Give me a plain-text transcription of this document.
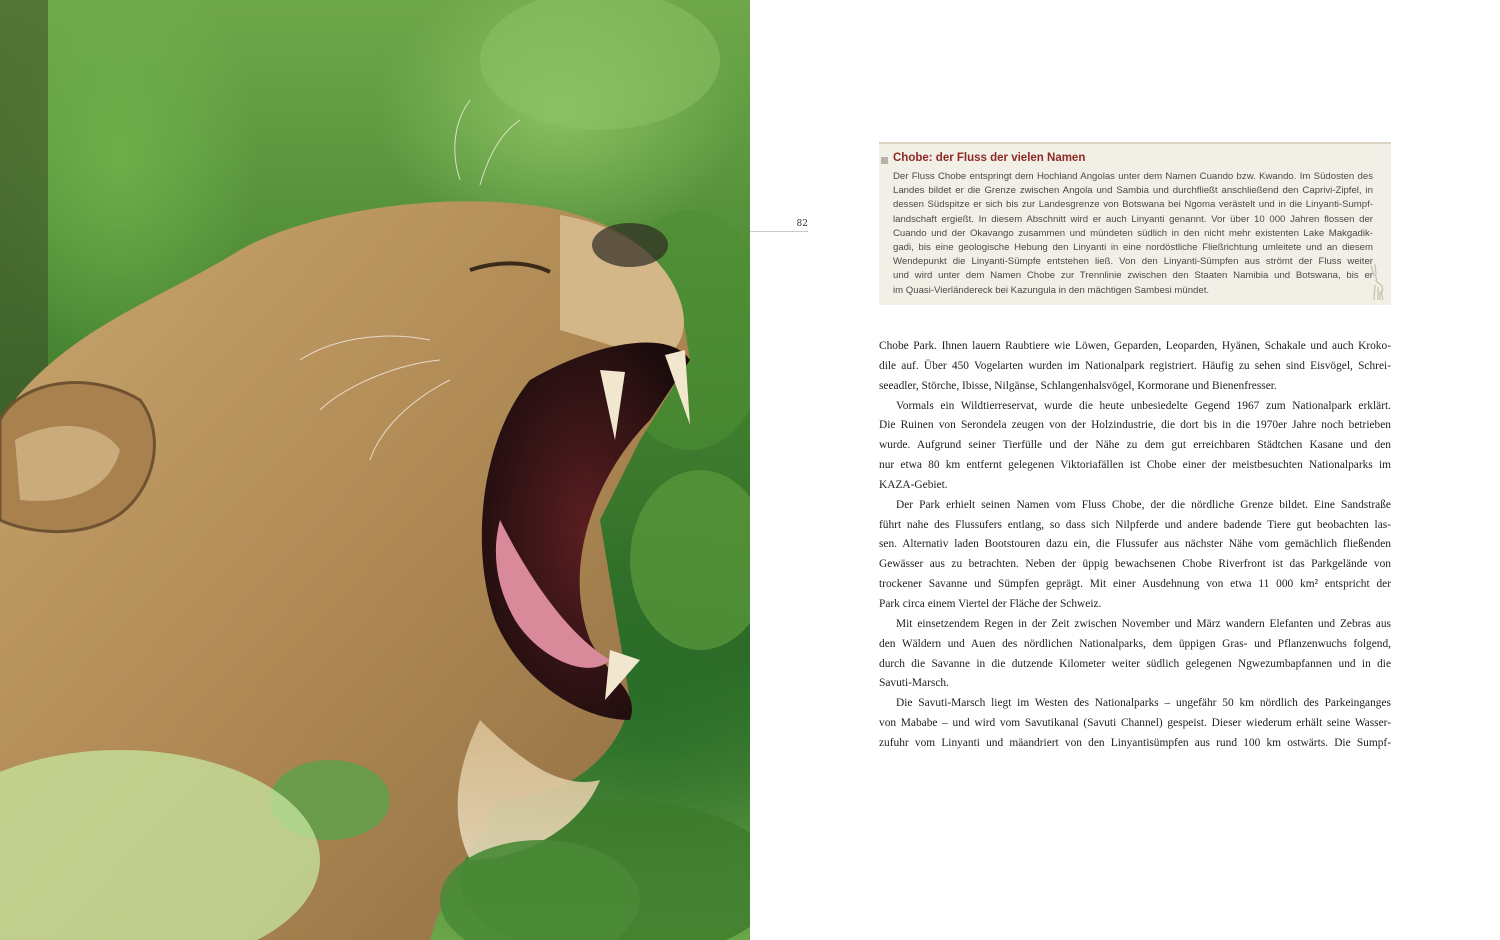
82
Chobe: der Fluss der vielen Namen
Der Fluss Chobe entspringt dem Hochland Angolas unter dem Namen Cuando bzw. Kwando. Im Südosten des
Landes bildet er die Grenze zwischen Angola und Sambia und durchfließt anschließend den Caprivi-Zipfel, in
dessen Südspitze er sich bis zur Landesgrenze von Botswana bei Ngoma verästelt und in die Linyanti-Sumpf-
landschaft ergießt. In diesem Abschnitt wird er auch Linyanti genannt. Vor über 10 000 Jahren flossen der
Cuando und der Okavango zusammen und mündeten südlich in den nicht mehr existenten Lake Makgadik-
gadi, bis eine geologische Hebung den Linyanti in eine nordöstliche Fließrichtung umleitete und an diesem
Wendepunkt die Linyanti-Sümpfe entstehen ließ. Von den Linyanti-Sümpfen aus strömt der Fluss weiter
und wird unter dem Namen Chobe zur Trennlinie zwischen den Staaten Namibia und Botswana, bis er
im Quasi-Vierländereck bei Kazungula in den mächtigen Sambesi mündet.
Chobe Park. Ihnen lauern Raubtiere wie Löwen, Geparden, Leoparden, Hyänen, Schakale und auch Kroko-
dile auf. Über 450 Vogelarten wurden im Nationalpark registriert. Häufig zu sehen sind Eisvögel, Schrei-
seeadler, Störche, Ibisse, Nilgänse, Schlangenhalsvögel, Kormorane und Bienenfresser.
Vormals ein Wildtierreservat, wurde die heute unbesiedelte Gegend 1967 zum Nationalpark erklärt.
Die Ruinen von Serondela zeugen von der Holzindustrie, die dort bis in die 1970er Jahre noch betrieben
wurde. Aufgrund seiner Tierfülle und der Nähe zu dem gut erreichbaren Städtchen Kasane und den
nur etwa 80 km entfernt gelegenen Viktoriafällen ist Chobe einer der meistbesuchten Nationalparks im
KAZA-Gebiet.
Der Park erhielt seinen Namen vom Fluss Chobe, der die nördliche Grenze bildet. Eine Sandstraße
führt nahe des Flussufers entlang, so dass sich Nilpferde und andere badende Tiere gut beobachten las-
sen. Alternativ laden Bootstouren dazu ein, die Flussufer aus nächster Nähe vom gemächlich fließenden
Gewässer aus zu betrachten. Neben der üppig bewachsenen Chobe Riverfront ist das Parkgelände von
trockener Savanne und Sümpfen geprägt. Mit einer Ausdehnung von etwa 11 000 km² entspricht der
Park circa einem Viertel der Fläche der Schweiz.
Mit einsetzendem Regen in der Zeit zwischen November und März wandern Elefanten und Zebras aus
den Wäldern und Auen des nördlichen Nationalparks, dem üppigen Gras- und Pflanzenwuchs folgend,
durch die Savanne in die dutzende Kilometer weiter südlich gelegenen Ngwezumbapfannen und in die
Savuti-Marsch.
Die Savuti-Marsch liegt im Westen des Nationalparks – ungefähr 50 km nördlich des Parkeinganges
von Mababe – und wird vom Savutikanal (Savuti Channel) gespeist. Dieser wiederum erhält seine Wasser-
zufuhr vom Linyanti und mäandriert von den Linyantisümpfen aus rund 100 km ostwärts. Die Sumpf-
